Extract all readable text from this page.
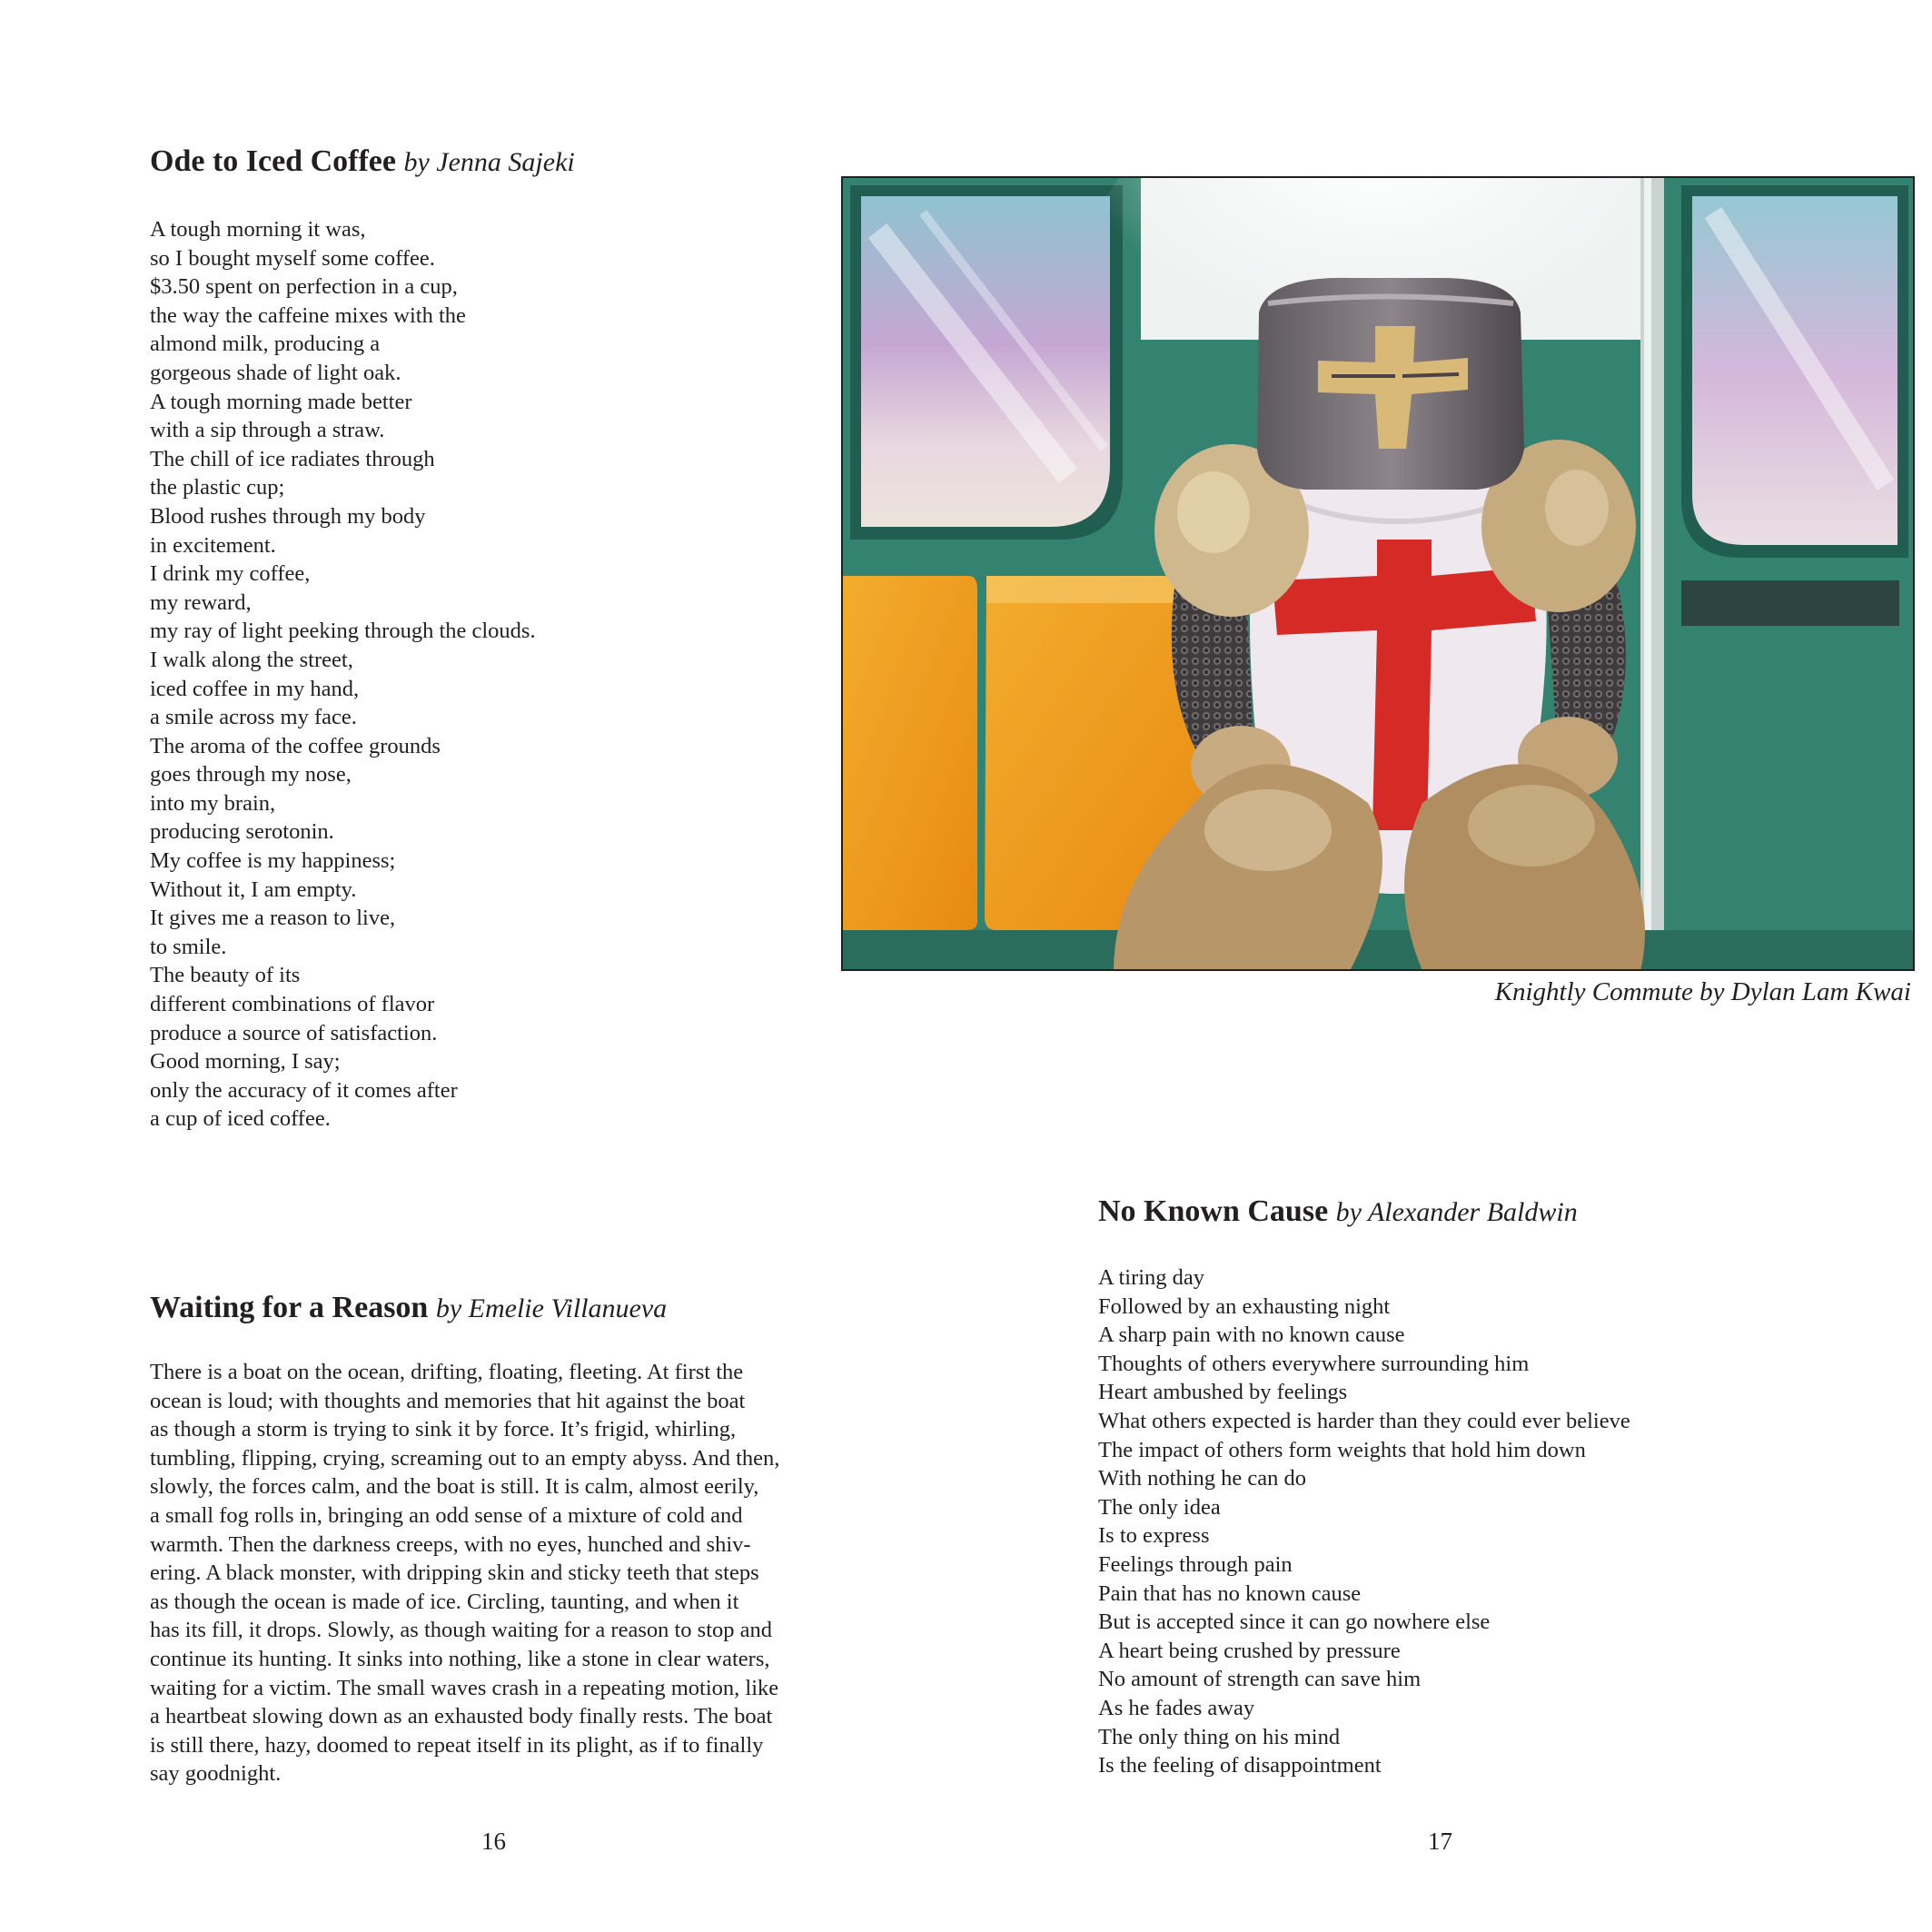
Ode to Iced Coffee by Jenna Sajeki
A tough morning it was,
so I bought myself some coffee.
$3.50 spent on perfection in a cup,
the way the caffeine mixes with the
almond milk, producing a
gorgeous shade of light oak.
A tough morning made better
with a sip through a straw.
The chill of ice radiates through
the plastic cup;
Blood rushes through my body
in excitement.
I drink my coffee,
my reward,
my ray of light peeking through the clouds.
I walk along the street,
iced coffee in my hand,
a smile across my face.
The aroma of the coffee grounds
goes through my nose,
into my brain,
producing serotonin.
My coffee is my happiness;
Without it, I am empty.
It gives me a reason to live,
to smile.
The beauty of its
different combinations of flavor
produce a source of satisfaction.
Good morning, I say;
only the accuracy of it comes after
a cup of iced coffee.
Knightly Commute by Dylan Lam Kwai
Waiting for a Reason by Emelie Villanueva
There is a boat on the ocean, drifting, floating, fleeting. At first the
ocean is loud; with thoughts and memories that hit against the boat
as though a storm is trying to sink it by force. It’s frigid, whirling,
tumbling, flipping, crying, screaming out to an empty abyss. And then,
slowly, the forces calm, and the boat is still. It is calm, almost eerily,
a small fog rolls in, bringing an odd sense of a mixture of cold and
warmth. Then the darkness creeps, with no eyes, hunched and shiv-
ering. A black monster, with dripping skin and sticky teeth that steps
as though the ocean is made of ice. Circling, taunting, and when it
has its fill, it drops. Slowly, as though waiting for a reason to stop and
continue its hunting. It sinks into nothing, like a stone in clear waters,
waiting for a victim. The small waves crash in a repeating motion, like
a heartbeat slowing down as an exhausted body finally rests. The boat
is still there, hazy, doomed to repeat itself in its plight, as if to finally
say goodnight.
No Known Cause by Alexander Baldwin
A tiring day
Followed by an exhausting night
A sharp pain with no known cause
Thoughts of others everywhere surrounding him
Heart ambushed by feelings
What others expected is harder than they could ever believe
The impact of others form weights that hold him down
With nothing he can do
The only idea
Is to express
Feelings through pain
Pain that has no known cause
But is accepted since it can go nowhere else
A heart being crushed by pressure
No amount of strength can save him
As he fades away
The only thing on his mind
Is the feeling of disappointment
16	17
